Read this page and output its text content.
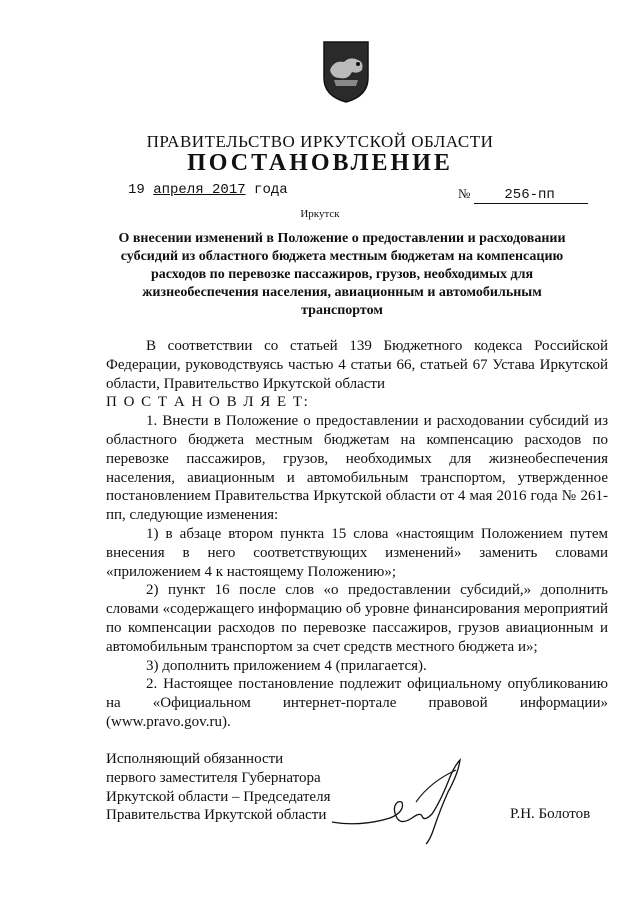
ПРАВИТЕЛЬСТВО ИРКУТСКОЙ ОБЛАСТИ
ПОСТАНОВЛЕНИЕ
19 апреля 2017 года	№ 256-пп
Иркутск
О внесении изменений в Положение о предоставлении и расходовании субсидий из областного бюджета местным бюджетам на компенсацию расходов по перевозке пассажиров, грузов, необходимых для жизнеобеспечения населения, авиационным и автомобильным транспортом

В соответствии со статьей 139 Бюджетного кодекса Российской Федерации, руководствуясь частью 4 статьи 66, статьей 67 Устава Иркутской области, Правительство Иркутской области

П О С Т А Н О В Л Я Е Т:

1. Внести в Положение о предоставлении и расходовании субсидий из областного бюджета местным бюджетам на компенсацию расходов по перевозке пассажиров, грузов, необходимых для жизнеобеспечения населения, авиационным и автомобильным транспортом, утвержденное постановлением Правительства Иркутской области от 4 мая 2016 года № 261-пп, следующие изменения:

1) в абзаце втором пункта 15 слова «настоящим Положением путем внесения в него соответствующих изменений» заменить словами «приложением 4 к настоящему Положению»;

2) пункт 16 после слов «о предоставлении субсидий,» дополнить словами «содержащего информацию об уровне финансирования мероприятий по компенсации расходов по перевозке пассажиров, грузов авиационным и автомобильным транспортом за счет средств местного бюджета и»;

3) дополнить приложением 4 (прилагается).

2. Настоящее постановление подлежит официальному опубликованию на «Официальном интернет-портале правовой информации» (www.pravo.gov.ru).

Исполняющий обязанности
первого заместителя Губернатора
Иркутской области – Председателя
Правительства Иркутской области	Р.Н. Болотов
